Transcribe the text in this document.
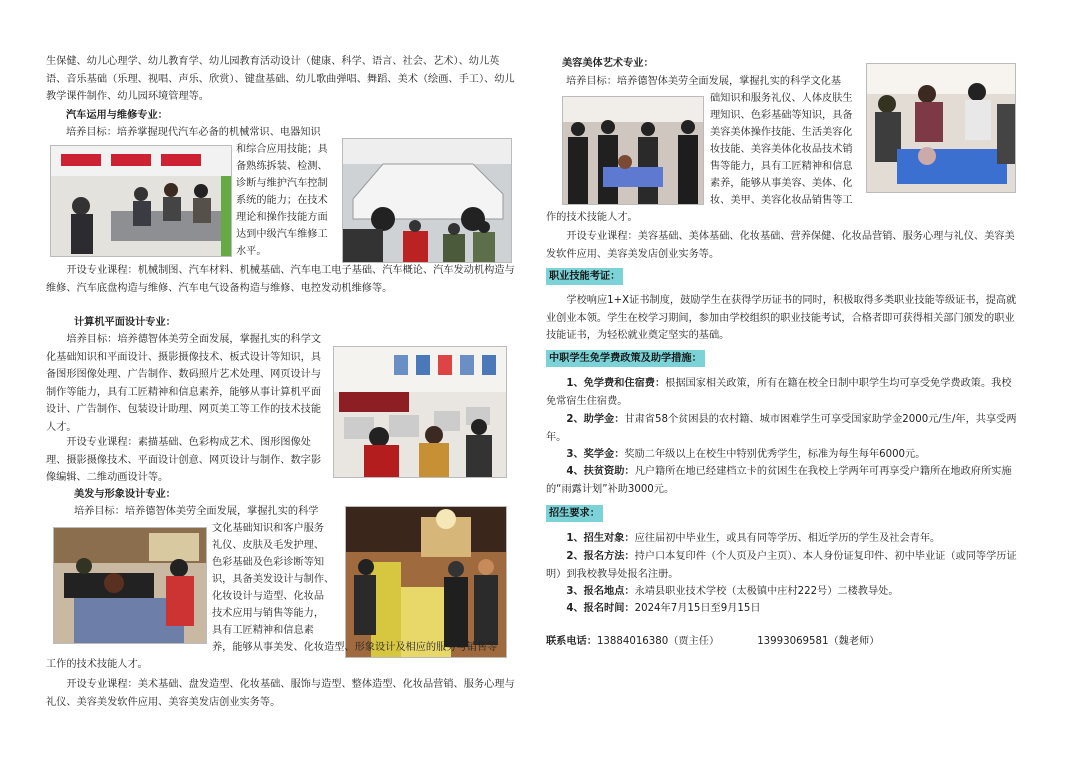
生保健、幼儿心理学、幼儿教育学、幼儿园教育活动设计（健康、科学、语言、社会、艺术）、幼儿英语、音乐基础（乐理、视唱、声乐、欣赏）、键盘基础、幼儿歌曲弹唱、舞蹈、美术（绘画、手工）、幼儿教学课件制作、幼儿园环境管理等。

汽车运用与维修专业：

培养目标：培养掌握现代汽车必备的机械常识、电器知识

和综合应用技能；具

备熟练拆装、检测、

诊断与维护汽车控制

系统的能力；在技术

理论和操作技能方面

达到中级汽车维修工

水平。

开设专业课程：机械制图、汽车材料、机械基础、汽车电工电子基础、汽车概论、汽车发动机构造与维修、汽车底盘构造与维修、汽车电气设备构造与维修、电控发动机维修等。

计算机平面设计专业：

培养目标：培养德智体美劳全面发展，掌握扎实的科学文化基础知识和平面设计、摄影摄像技术、板式设计等知识，具备图形图像处理、广告制作、数码照片艺术处理、网页设计与制作等能力，具有工匠精神和信息素养，能够从事计算机平面设计、广告制作、包装设计助理、网页美工等工作的技术技能人才。

开设专业课程：素描基础、色彩构成艺术、图形图像处理、摄影摄像技术、平面设计创意、网页设计与制作、数字影像编辑、二维动画设计等。

美发与形象设计专业：

培养目标：培养德智体美劳全面发展，掌握扎实的科学

文化基础知识和客户服务

礼仪、皮肤及毛发护理、

色彩基础及色彩诊断等知

识，具备美发设计与制作、

化妆设计与造型、化妆品

技术应用与销售等能力，

具有工匠精神和信息素

养，能够从事美发、化妆造型、形象设计及相应的服务与销售等

工作的技术技能人才。

开设专业课程：美术基础、盘发造型、化妆基础、服饰与造型、整体造型、化妆品营销、服务心理与礼仪、美容美发软件应用、美容美发店创业实务等。

美容美体艺术专业：

培养目标：培养德智体美劳全面发展，掌握扎实的科学文化基

础知识和服务礼仪、人体皮肤生

理知识、色彩基础等知识，具备

美容美体操作技能、生活美容化

妆技能、美容美体化妆品技术销

售等能力，具有工匠精神和信息

素养，能够从事美容、美体、化

妆、美甲、美容化妆品销售等工

作的技术技能人才。

开设专业课程：美容基础、美体基础、化妆基础、营养保健、化妆品营销、服务心理与礼仪、美容美发软件应用、美容美发店创业实务等。

职业技能考证：

学校响应1+X证书制度，鼓励学生在获得学历证书的同时，积极取得多类职业技能等级证书，提高就业创业本领。学生在校学习期间，参加由学校组织的职业技能考试，合格者即可获得相关部门颁发的职业技能证书，为轻松就业奠定坚实的基础。

中职学生免学费政策及助学措施：

1、免学费和住宿费：根据国家相关政策，所有在籍在校全日制中职学生均可享受免学费政策。我校免常宿生住宿费。

2、助学金：甘肃省58个贫困县的农村籍、城市困难学生可享受国家助学金2000元/生/年，共享受两年。

3、奖学金：奖励二年级以上在校生中特别优秀学生，标准为每生每年6000元。

4、扶贫资助：凡户籍所在地已经建档立卡的贫困生在我校上学两年可再享受户籍所在地政府所实施的“雨露计划”补助3000元。

招生要求：

1、招生对象：应往届初中毕业生，或具有同等学历、相近学历的学生及社会青年。

2、报名方法：持户口本复印件（个人页及户主页）、本人身份证复印件、初中毕业证（或同等学历证明）到我校教导处报名注册。

3、报名地点：永靖县职业技术学校（太极镇中庄村222号）二楼教导处。

4、报名时间：2024年7月15日至9月15日

联系电话：13884016380（贾主任）	13993069581（魏老师）
